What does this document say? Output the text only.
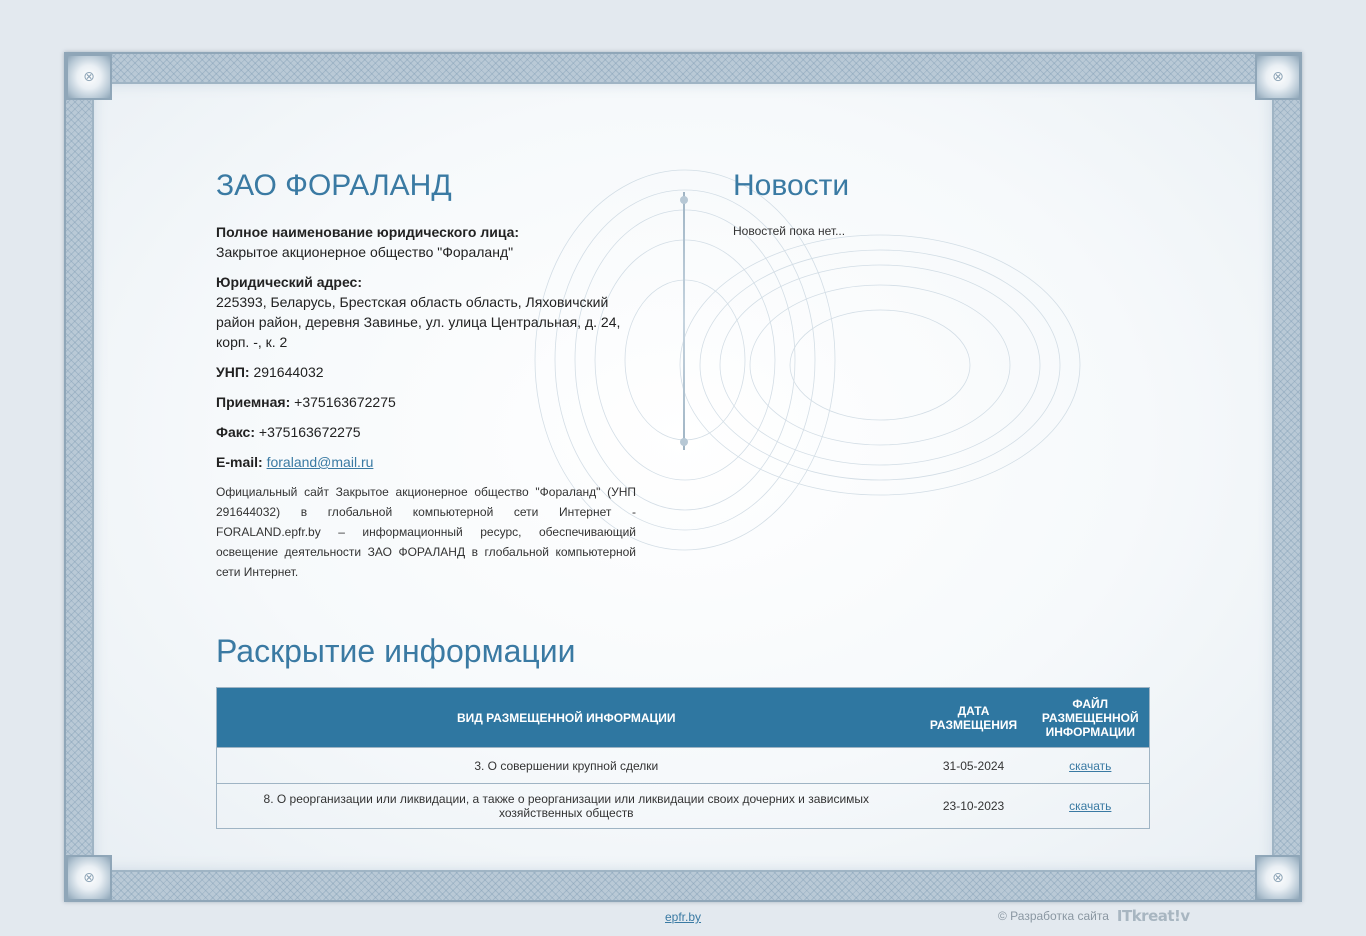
⊗	⊗
⊗	⊗
ЗАО ФОРАЛАНД
Полное наименование юридического лица:
Закрытое акционерное общество "Фораланд"
Юридический адрес:
225393, Беларусь, Брестская область область, Ляховичский район район, деревня Завинье, ул. улица Центральная, д. 24, корп. -, к. 2
УНП: 291644032
Приемная: +375163672275
Факс: +375163672275
E-mail: foraland@mail.ru

Официальный сайт Закрытое акционерное общество "Фораланд" (УНП 291644032) в глобальной компьютерной сети Интернет - FORALAND.epfr.by – информационный ресурс, обеспечивающий освещение деятельности ЗАО ФОРАЛАНД в глобальной компьютерной сети Интернет.

Новости

Новостей пока нет...

Раскрытие информации
ВИД РАЗМЕЩЕННОЙ ИНФОРМАЦИИ	ДАТА РАЗМЕЩЕНИЯ	ФАЙЛ РАЗМЕЩЕННОЙ ИНФОРМАЦИИ
3. О совершении крупной сделки	31-05-2024	скачать
8. О реорганизации или ликвидации, а также о реорганизации или ликвидации своих дочерних и зависимых хозяйственных обществ	23-10-2023	скачать
epfr.by	© Разработка сайта ITkreat!v
